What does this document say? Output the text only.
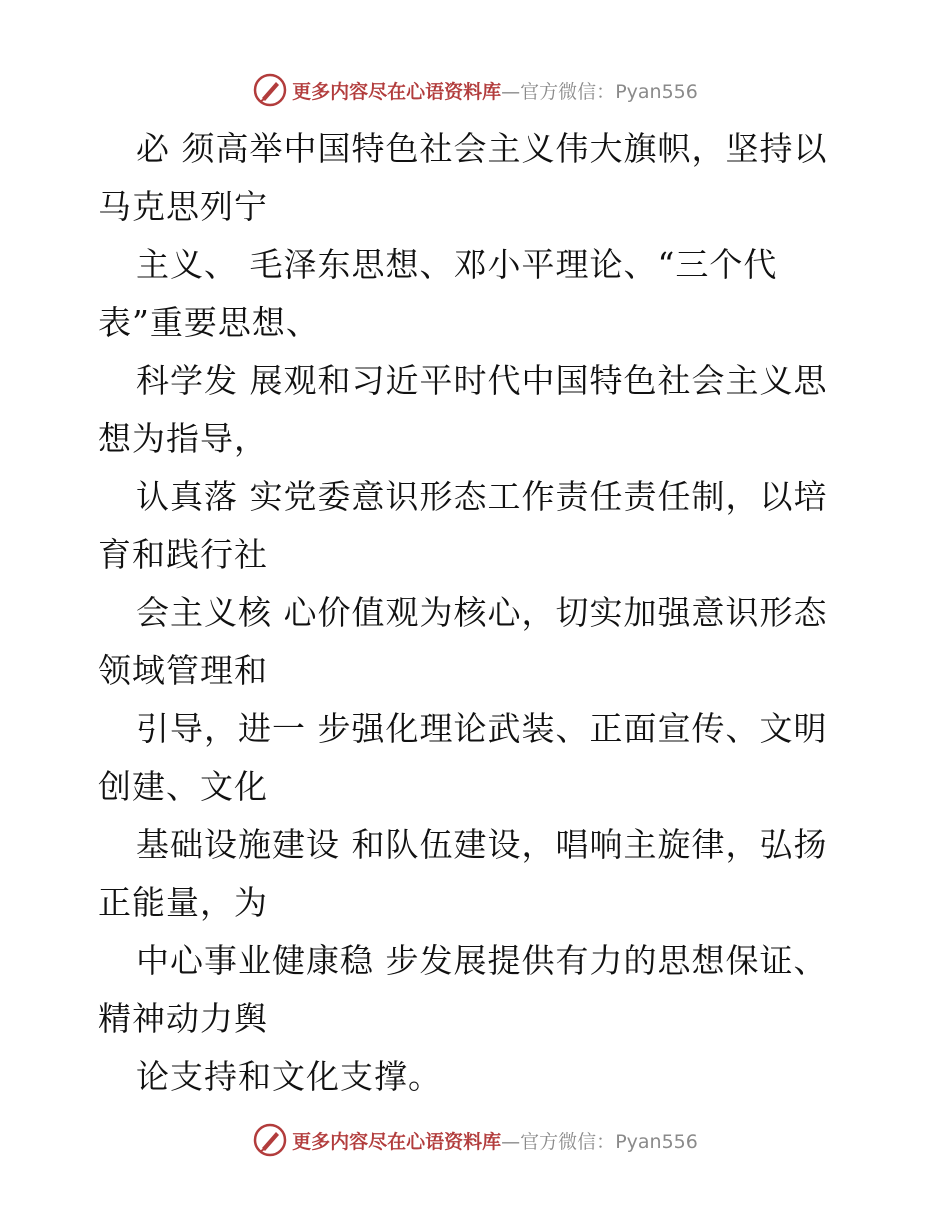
更多内容尽在心语资料库—官方微信：Pyan556
必 须高举中国特色社会主义伟大旗帜，坚持以
马克思列宁
主义、 毛泽东思想、邓小平理论、“三个代
表”重要思想、
科学发 展观和习近平时代中国特色社会主义思
想为指导，
认真落 实党委意识形态工作责任责任制，以培
育和践行社
会主义核 心价值观为核心，切实加强意识形态
领域管理和
引导，进一 步强化理论武装、正面宣传、文明
创建、文化
基础设施建设 和队伍建设，唱响主旋律，弘扬
正能量，为
中心事业健康稳 步发展提供有力的思想保证、
精神动力舆
论支持和文化支撑。
更多内容尽在心语资料库—官方微信：Pyan556
